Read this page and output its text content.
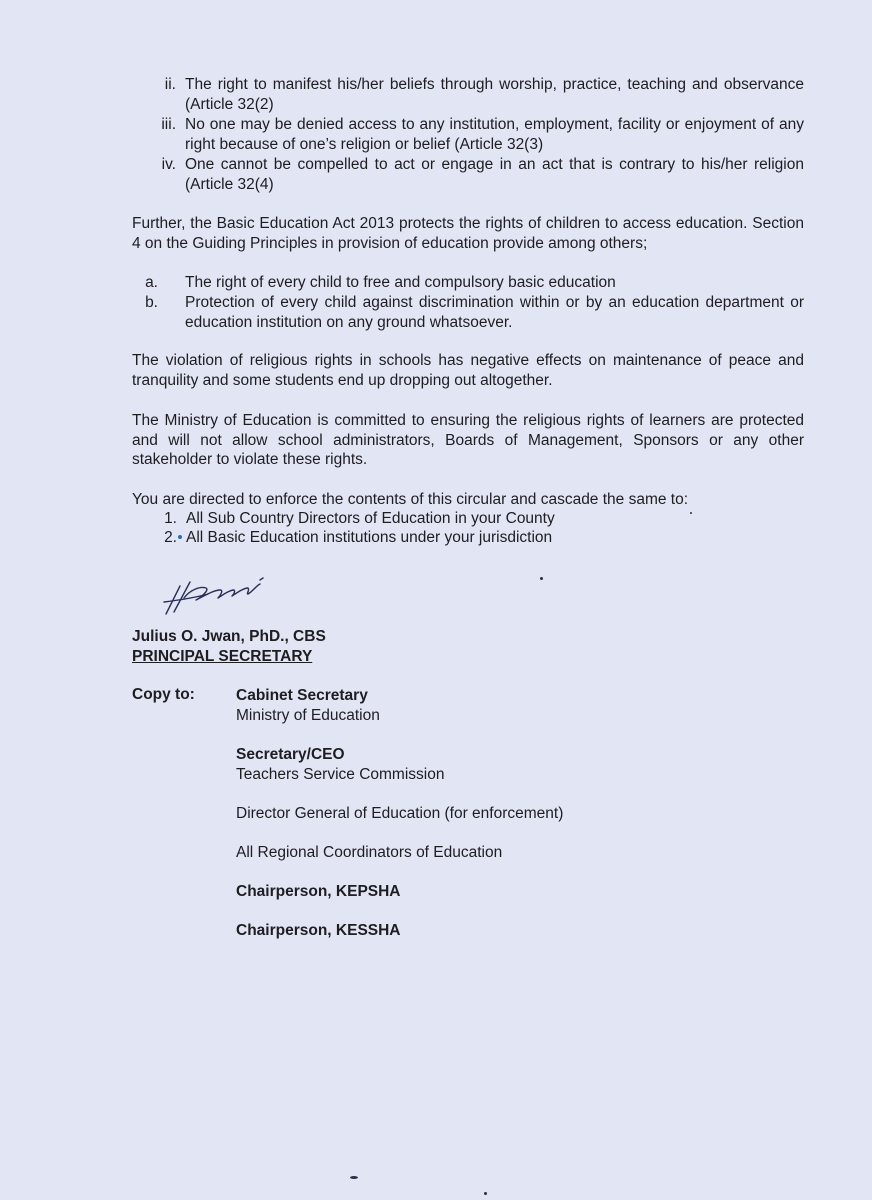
ii. The right to manifest his/her beliefs through worship, practice, teaching and observance (Article 32(2)
iii. No one may be denied access to any institution, employment, facility or enjoyment of any right because of one’s religion or belief (Article 32(3)
iv. One cannot be compelled to act or engage in an act that is contrary to his/her religion (Article 32(4)
Further, the Basic Education Act 2013 protects the rights of children to access education. Section 4 on the Guiding Principles in provision of education provide among others;
a. The right of every child to free and compulsory basic education
b. Protection of every child against discrimination within or by an education department or education institution on any ground whatsoever.
The violation of religious rights in schools has negative effects on maintenance of peace and tranquility and some students end up dropping out altogether.
The Ministry of Education is committed to ensuring the religious rights of learners are protected and will not allow school administrators, Boards of Management, Sponsors or any other stakeholder to violate these rights.
You are directed to enforce the contents of this circular and cascade the same to:
1. All Sub Country Directors of Education in your County
2. All Basic Education institutions under your jurisdiction
Julius O. Jwan, PhD., CBS
PRINCIPAL SECRETARY
Copy to:	Cabinet Secretary
Ministry of Education
Secretary/CEO
Teachers Service Commission
Director General of Education (for enforcement)
All Regional Coordinators of Education
Chairperson, KEPSHA
Chairperson, KESSHA
